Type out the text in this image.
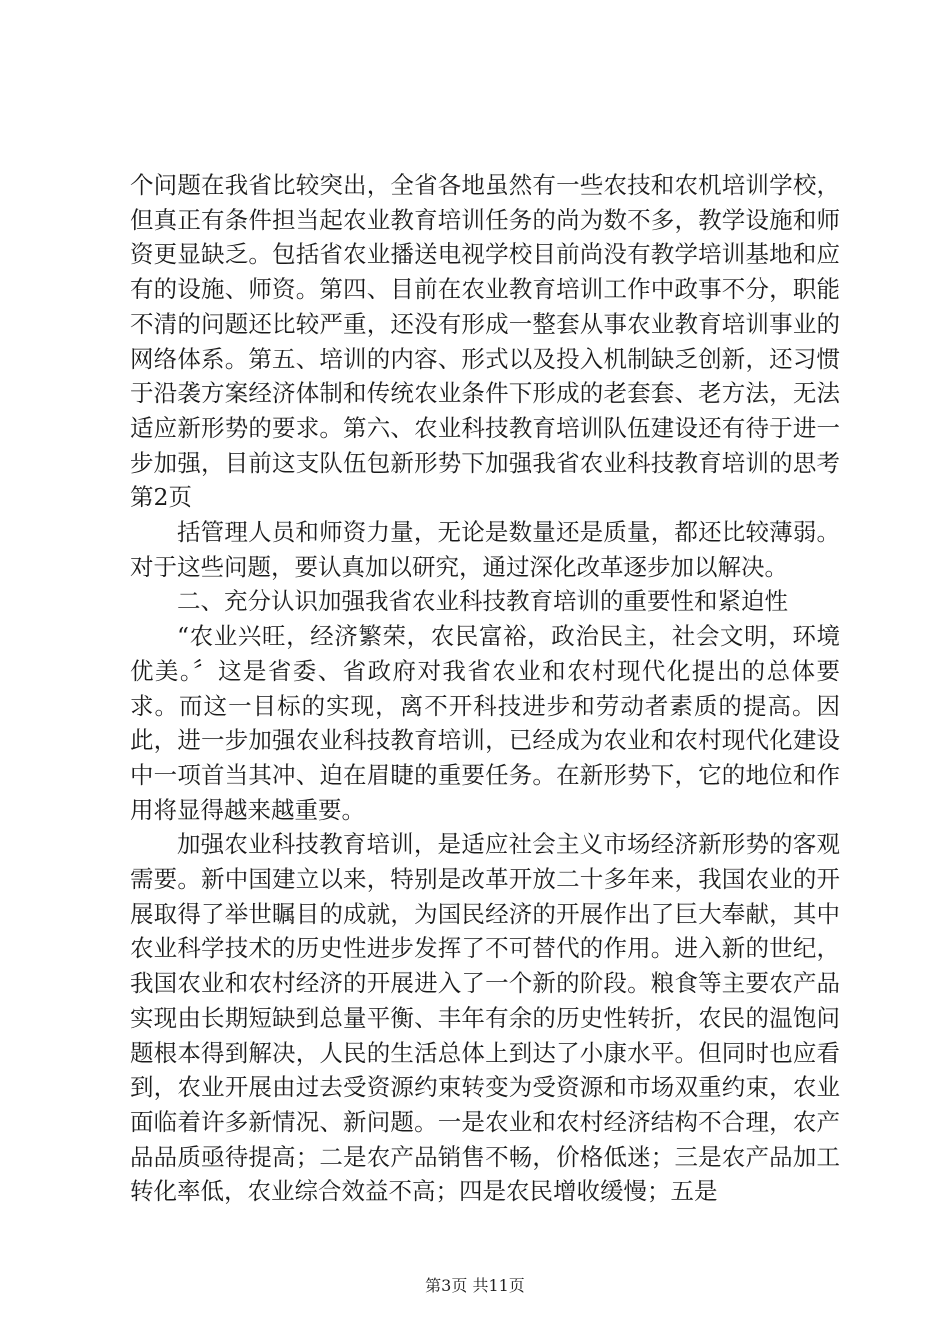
个问题在我省比较突出，全省各地虽然有一些农技和农机培训学校，但真正有条件担当起农业教育培训任务的尚为数不多，教学设施和师资更显缺乏。包括省农业播送电视学校目前尚没有教学培训基地和应有的设施、师资。第四、目前在农业教育培训工作中政事不分，职能不清的问题还比较严重，还没有形成一整套从事农业教育培训事业的网络体系。第五、培训的内容、形式以及投入机制缺乏创新，还习惯于沿袭方案经济体制和传统农业条件下形成的老套套、老方法，无法适应新形势的要求。第六、农业科技教育培训队伍建设还有待于进一步加强，目前这支队伍包新形势下加强我省农业科技教育培训的思考第2页

括管理人员和师资力量，无论是数量还是质量，都还比较薄弱。对于这些问题，要认真加以研究，通过深化改革逐步加以解决。

二、充分认识加强我省农业科技教育培训的重要性和紧迫性

“农业兴旺，经济繁荣，农民富裕，政治民主，社会文明，环境优美。〞这是省委、省政府对我省农业和农村现代化提出的总体要求。而这一目标的实现，离不开科技进步和劳动者素质的提高。因此，进一步加强农业科技教育培训，已经成为农业和农村现代化建设中一项首当其冲、迫在眉睫的重要任务。在新形势下，它的地位和作用将显得越来越重要。

加强农业科技教育培训，是适应社会主义市场经济新形势的客观需要。新中国建立以来，特别是改革开放二十多年来，我国农业的开展取得了举世瞩目的成就，为国民经济的开展作出了巨大奉献，其中农业科学技术的历史性进步发挥了不可替代的作用。进入新的世纪，我国农业和农村经济的开展进入了一个新的阶段。粮食等主要农产品实现由长期短缺到总量平衡、丰年有余的历史性转折，农民的温饱问题根本得到解决，人民的生活总体上到达了小康水平。但同时也应看到，农业开展由过去受资源约束转变为受资源和市场双重约束，农业面临着许多新情况、新问题。一是农业和农村经济结构不合理，农产品品质亟待提高；二是农产品销售不畅，价格低迷；三是农产品加工转化率低，农业综合效益不高；四是农民增收缓慢；五是

第3页 共11页
